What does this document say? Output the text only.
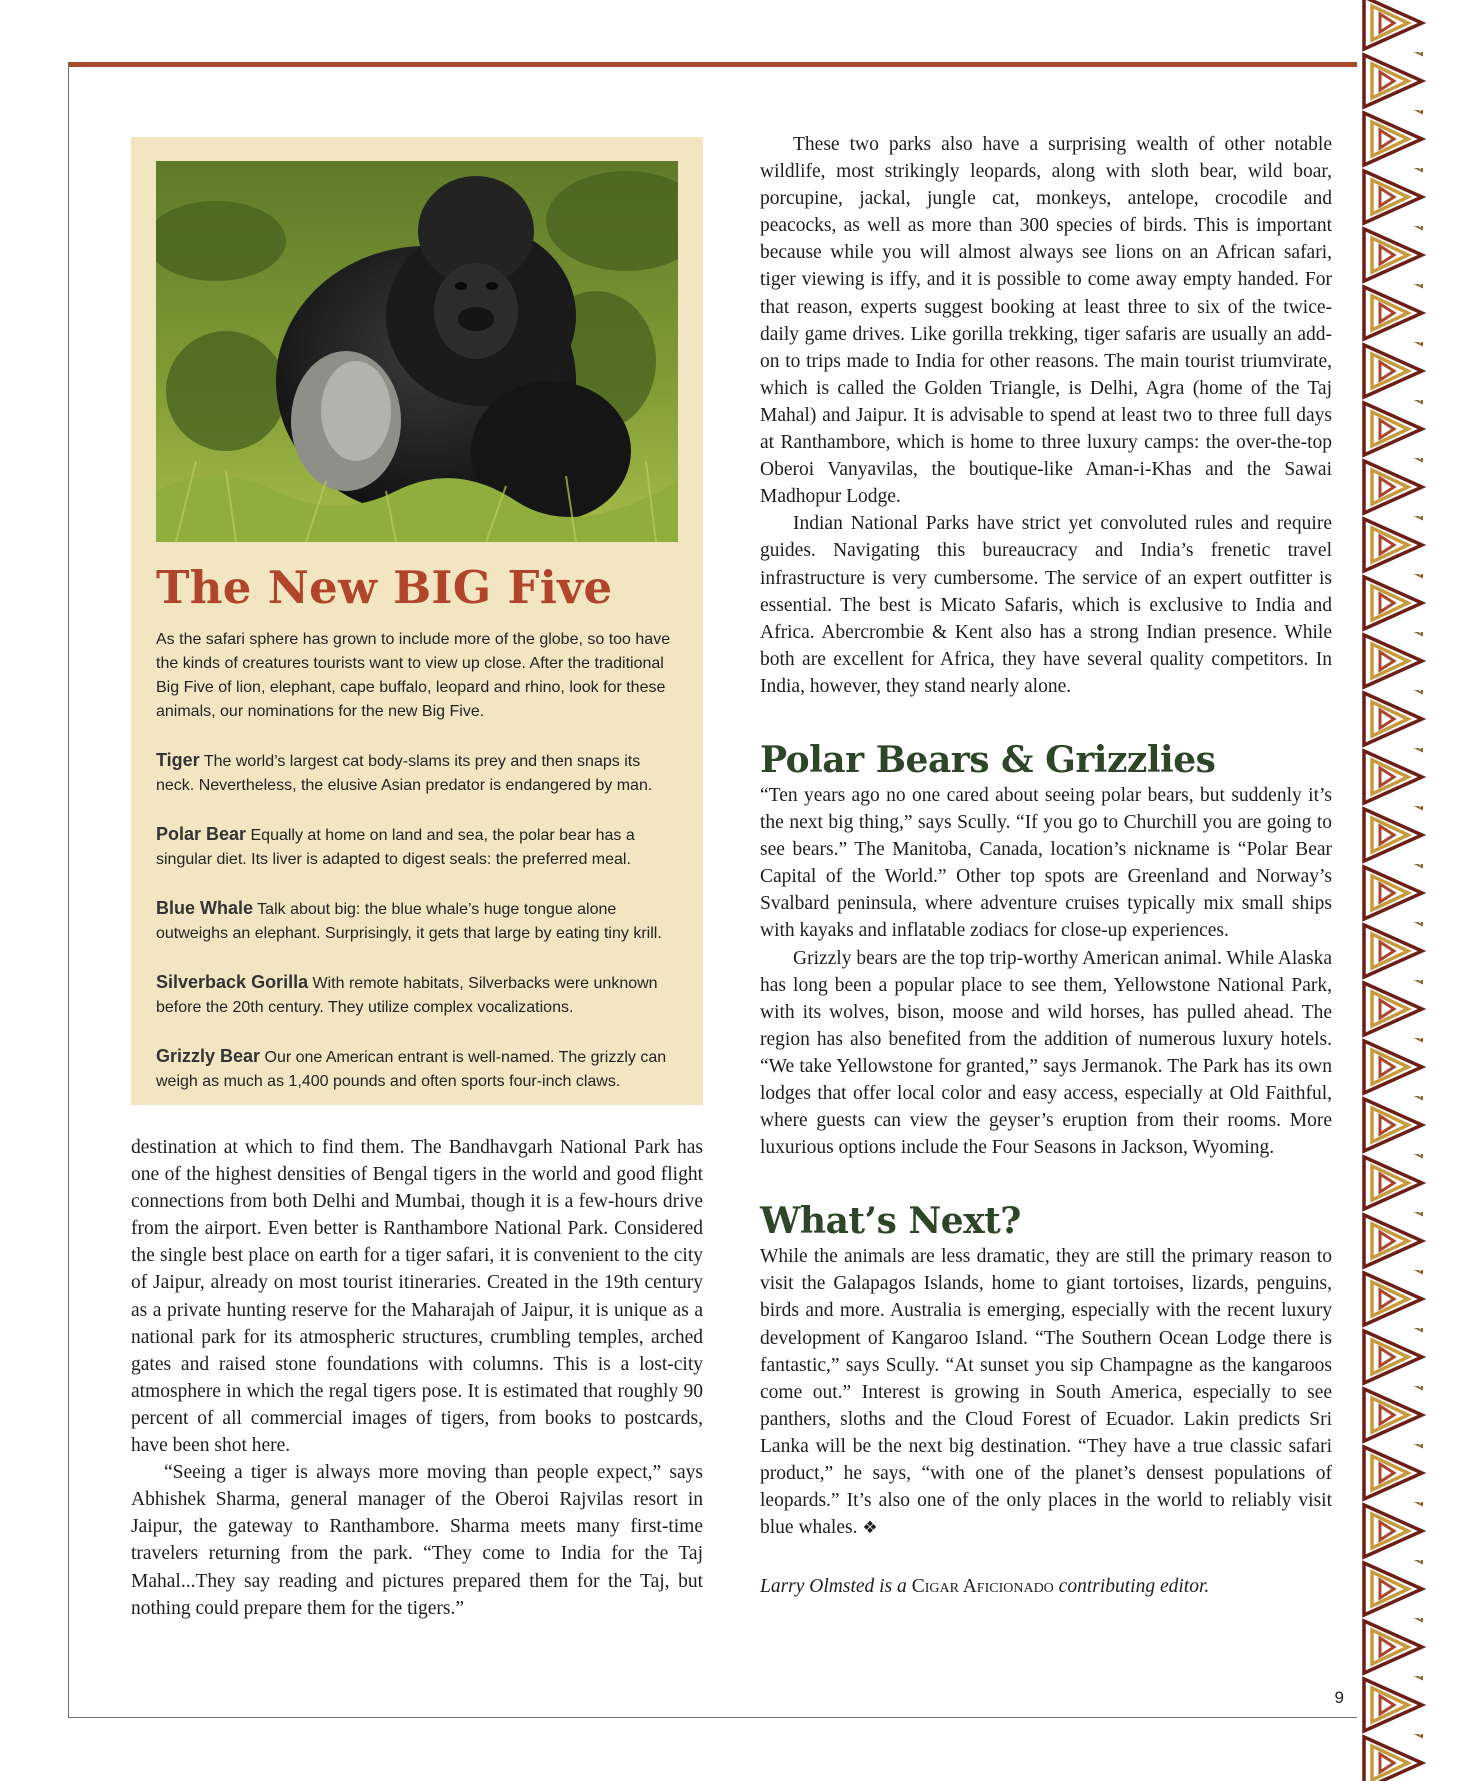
The New BIG Five

As the safari sphere has grown to include more of the globe, so too have the kinds of creatures tourists want to view up close. After the traditional Big Five of lion, elephant, cape buffalo, leopard and rhino, look for these animals, our nominations for the new Big Five.

Tiger The world’s largest cat body-slams its prey and then snaps its neck. Nevertheless, the elusive Asian predator is endangered by man.

Polar Bear Equally at home on land and sea, the polar bear has a singular diet. Its liver is adapted to digest seals: the preferred meal.

Blue Whale Talk about big: the blue whale’s huge tongue alone outweighs an elephant. Surprisingly, it gets that large by eating tiny krill.

Silverback Gorilla With remote habitats, Silverbacks were unknown before the 20th century. They utilize complex vocalizations.

Grizzly Bear Our one American entrant is well-named. The grizzly can weigh as much as 1,400 pounds and often sports four-inch claws.

destination at which to find them. The Bandhavgarh National Park has one of the highest densities of Bengal tigers in the world and good flight connections from both Delhi and Mumbai, though it is a few-hours drive from the airport. Even better is Ranthambore National Park. Considered the single best place on earth for a tiger safari, it is convenient to the city of Jaipur, already on most tourist itineraries. Created in the 19th century as a private hunting reserve for the Maharajah of Jaipur, it is unique as a national park for its atmospheric structures, crumbling temples, arched gates and raised stone foundations with columns. This is a lost-city atmosphere in which the regal tigers pose. It is estimated that roughly 90 percent of all commercial images of tigers, from books to postcards, have been shot here.

“Seeing a tiger is always more moving than people expect,” says Abhishek Sharma, general manager of the Oberoi Rajvilas resort in Jaipur, the gateway to Ranthambore. Sharma meets many first-time travelers returning from the park. “They come to India for the Taj Mahal...They say reading and pictures prepared them for the Taj, but nothing could prepare them for the tigers.”

These two parks also have a surprising wealth of other notable wildlife, most strikingly leopards, along with sloth bear, wild boar, porcupine, jackal, jungle cat, monkeys, antelope, crocodile and peacocks, as well as more than 300 species of birds. This is important because while you will almost always see lions on an African safari, tiger viewing is iffy, and it is possible to come away empty handed. For that reason, experts suggest booking at least three to six of the twice-daily game drives. Like gorilla trekking, tiger safaris are usually an add-on to trips made to India for other reasons. The main tourist triumvirate, which is called the Golden Triangle, is Delhi, Agra (home of the Taj Mahal) and Jaipur. It is advisable to spend at least two to three full days at Ranthambore, which is home to three luxury camps: the over-the-top Oberoi Vanyavilas, the boutique-like Aman-i-Khas and the Sawai Madhopur Lodge.

Indian National Parks have strict yet convoluted rules and require guides. Navigating this bureaucracy and India’s frenetic travel infrastructure is very cumbersome. The service of an expert outfitter is essential. The best is Micato Safaris, which is exclusive to India and Africa. Abercrombie & Kent also has a strong Indian presence. While both are excellent for Africa, they have several quality competitors. In India, however, they stand nearly alone.

Polar Bears & Grizzlies

“Ten years ago no one cared about seeing polar bears, but suddenly it’s the next big thing,” says Scully. “If you go to Churchill you are going to see bears.” The Manitoba, Canada, location’s nickname is “Polar Bear Capital of the World.” Other top spots are Greenland and Norway’s Svalbard peninsula, where adventure cruises typically mix small ships with kayaks and inflatable zodiacs for close-up experiences.

Grizzly bears are the top trip-worthy American animal. While Alaska has long been a popular place to see them, Yellowstone National Park, with its wolves, bison, moose and wild horses, has pulled ahead. The region has also benefited from the addition of numerous luxury hotels. “We take Yellowstone for granted,” says Jermanok. The Park has its own lodges that offer local color and easy access, especially at Old Faithful, where guests can view the geyser’s eruption from their rooms. More luxurious options include the Four Seasons in Jackson, Wyoming.

What’s Next?

While the animals are less dramatic, they are still the primary reason to visit the Galapagos Islands, home to giant tortoises, lizards, penguins, birds and more. Australia is emerging, especially with the recent luxury development of Kangaroo Island. “The Southern Ocean Lodge there is fantastic,” says Scully. “At sunset you sip Champagne as the kangaroos come out.” Interest is growing in South America, especially to see panthers, sloths and the Cloud Forest of Ecuador. Lakin predicts Sri Lanka will be the next big destination. “They have a true classic safari product,” he says, “with one of the planet’s densest populations of leopards.” It’s also one of the only places in the world to reliably visit blue whales. ❖

Larry Olmsted is a Cigar Aficionado contributing editor.

9
